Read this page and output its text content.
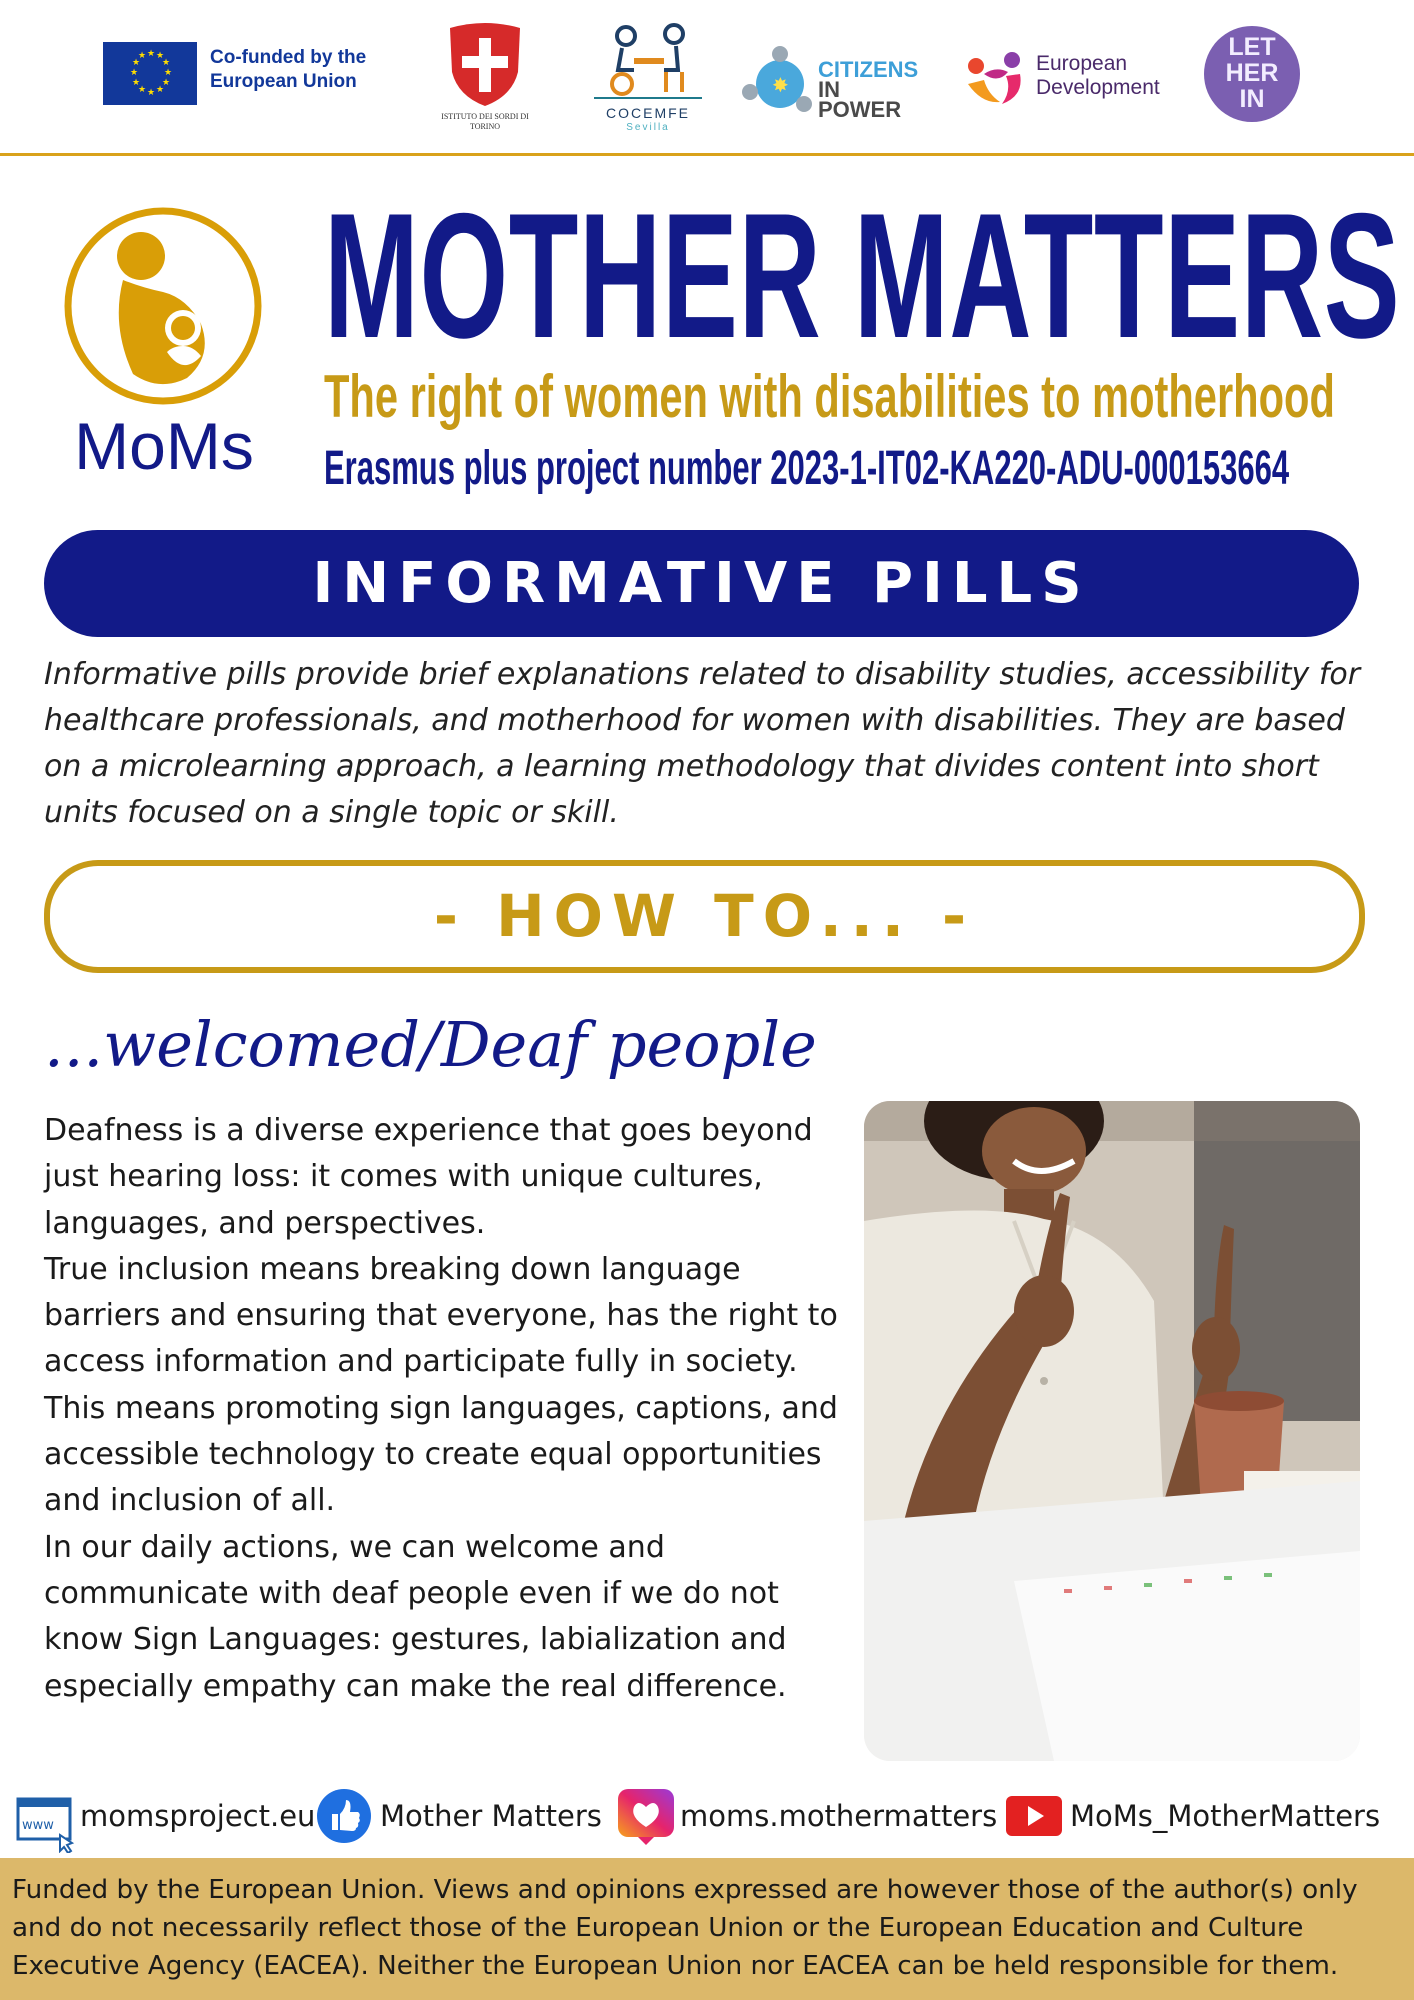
★ ★
★
★
★
★
★
★
★
★
★
★	Co-funded by the European Union
ISTITUTO DEI SORDI DI TORINO
COCEMFE
Sevilla
✸
CITIZENS
IN POWER
European
Development
LET
HER
IN
MoMs
MOTHER MATTERS
The right of women with disabilities to motherhood
Erasmus plus project number 2023-1-IT02-KA220-ADU-000153664
INFORMATIVE PILLS
Informative pills provide brief explanations related to disability studies, accessibility for healthcare professionals, and motherhood for women with disabilities. They are based on a microlearning approach, a learning methodology that divides content into short units focused on a single topic or skill.
- HOW TO... -
...welcomed/Deaf people

Deafness is a diverse experience that goes beyond just hearing loss: it comes with unique cultures, languages, and perspectives.

True inclusion means breaking down language barriers and ensuring that everyone, has the right to access information and participate fully in society. This means promoting sign languages, captions, and accessible technology to create equal opportunities and inclusion of all.

In our daily actions, we can welcome and communicate with deaf people even if we do not know Sign Languages: gestures, labialization and especially empathy can make the real difference.

www momsproject.eu Mother Matters	moms.mothermatters	MoMs_MotherMatters
Funded by the European Union. Views and opinions expressed are however those of the author(s) only
and do not necessarily reflect those of the European Union or the European Education and Culture
Executive Agency (EACEA). Neither the European Union nor EACEA can be held responsible for them.
